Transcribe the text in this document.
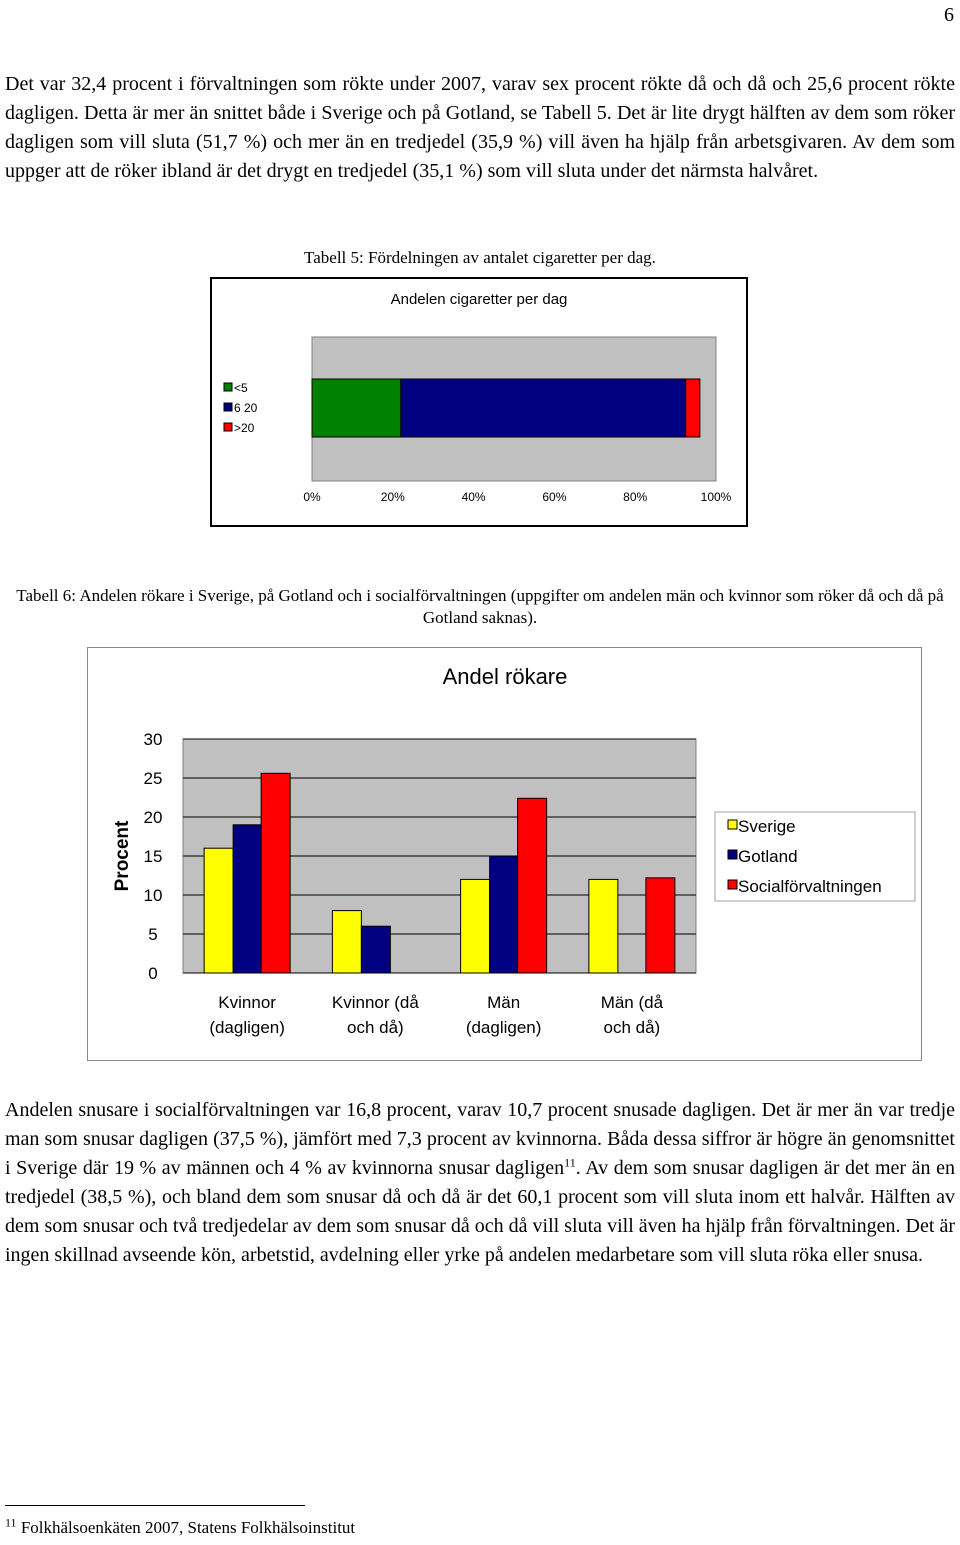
6

Det var 32,4 procent i förvaltningen som rökte under 2007, varav sex procent rökte då och då och 25,6 procent rökte dagligen. Detta är mer än snittet både i Sverige och på Gotland, se Tabell 5. Det är lite drygt hälften av dem som röker dagligen som vill sluta (51,7 %) och mer än en tredjedel (35,9 %) vill även ha hjälp från arbetsgivaren. Av dem som uppger att de röker ibland är det drygt en tredjedel (35,1 %) som vill sluta under det närmsta halvåret.

Tabell 5: Fördelningen av antalet cigaretter per dag.
Andelen cigaretter per dag
0%	20%	40%	60%	80%	100%
<5
6 20
>20
Tabell 6: Andelen rökare i Sverige, på Gotland och i socialförvaltningen (uppgifter om andelen män och kvinnor som röker då och då på Gotland saknas).
Andel rökare
0
5
10
15
20
25
30
Procent
Kvinnor
(dagligen)
Kvinnor (då
och då)
Män
(dagligen)
Män (då
och då)
Sverige
Gotland
Socialförvaltningen

Andelen snusare i socialförvaltningen var 16,8 procent, varav 10,7 procent snusade dagligen. Det är mer än var tredje man som snusar dagligen (37,5 %), jämfört med 7,3 procent av kvinnorna. Båda dessa siffror är högre än genomsnittet i Sverige där 19 % av männen och 4 % av kvinnorna snusar dagligen$^{11}$. Av dem som snusar dagligen är det mer än en tredjedel (38,5 %), och bland dem som snusar då och då är det 60,1 procent som vill sluta inom ett halvår. Hälften av dem som snusar och två tredjedelar av dem som snusar då och då vill sluta vill även ha hjälp från förvaltningen. Det är ingen skillnad avseende kön, arbetstid, avdelning eller yrke på andelen medarbetare som vill sluta röka eller snusa.

$^{11}$ Folkhälsoenkäten 2007, Statens Folkhälsoinstitut
